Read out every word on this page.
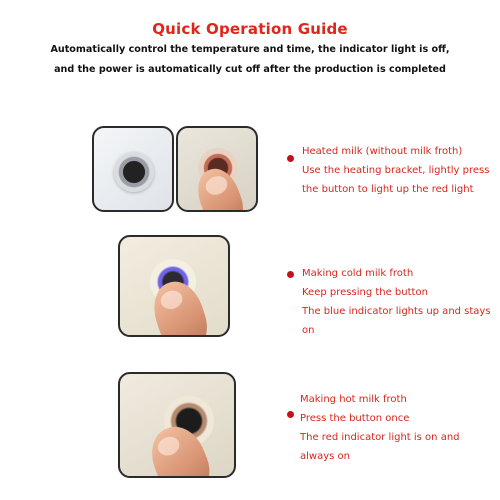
Quick Operation Guide
Automatically control the temperature and time, the indicator light is off,
and the power is automatically cut off after the production is completed
Heated milk (without milk froth)
Use the heating bracket, lightly press
the button to light up the red light
Making cold milk froth
Keep pressing the button
The blue indicator lights up and stays
on
Making hot milk froth
Press the button once
The red indicator light is on and
always on
